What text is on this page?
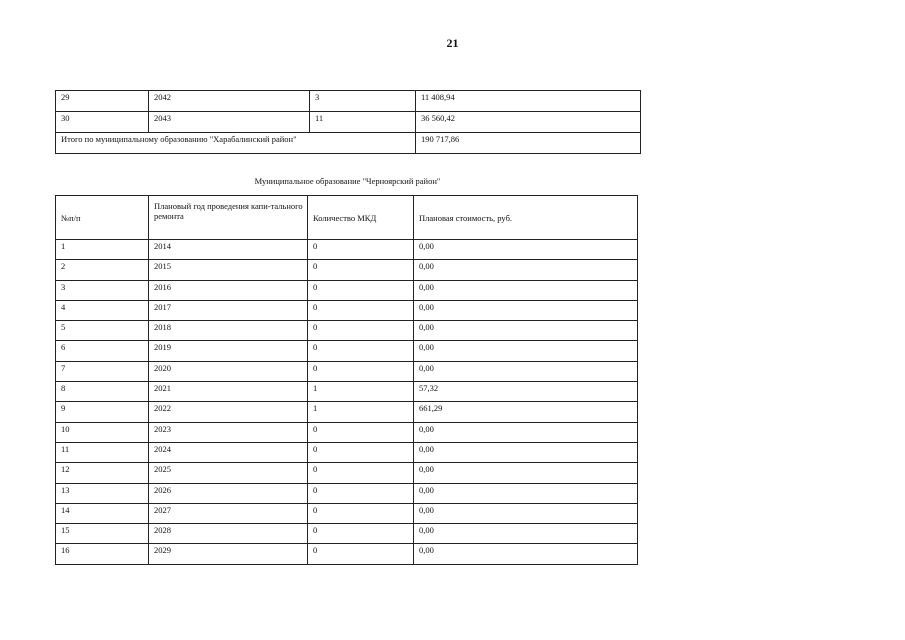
21
29	2042	3	11 408,94
30	2043	11	36 560,42
Итого по муниципальному образованию "Харабалинский район"			190 717,86
Муниципальное образование "Черноярский район"
№п/п	Плановый год проведения капи-тального ремонта	Количество МКД	Плановая стоимость, руб.
1	2014	0	0,00
2	2015	0	0,00
3	2016	0	0,00
4	2017	0	0,00
5	2018	0	0,00
6	2019	0	0,00
7	2020	0	0,00
8	2021	1	57,32
9	2022	1	661,29
10	2023	0	0,00
11	2024	0	0,00
12	2025	0	0,00
13	2026	0	0,00
14	2027	0	0,00
15	2028	0	0,00
16	2029	0	0,00
